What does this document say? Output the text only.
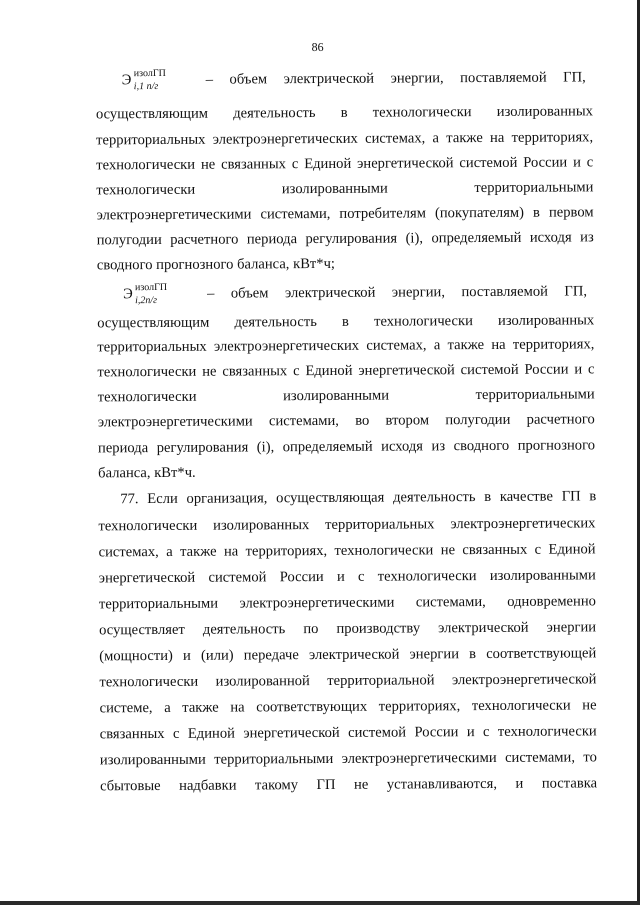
86
Э изолГП
i,1 п/г	– объем электрической энергии, поставляемой ГП,
осуществляющим деятельность в технологически изолированных
территориальных электроэнергетических системах, а также на территориях,
технологически не связанных с Единой энергетической системой России и с
технологически изолированными территориальными
электроэнергетическими системами, потребителям (покупателям) в первом
полугодии расчетного периода регулирования (i), определяемый исходя из
сводного прогнозного баланса, кВт*ч;
Э изолГП
i,2п/г	– объем электрической энергии, поставляемой ГП,
осуществляющим деятельность в технологически изолированных
территориальных электроэнергетических системах, а также на территориях,
технологически не связанных с Единой энергетической системой России и с
технологически изолированными территориальными
электроэнергетическими системами, во втором полугодии расчетного
периода регулирования (i), определяемый исходя из сводного прогнозного
баланса, кВт*ч.
77. Если организация, осуществляющая деятельность в качестве ГП в
технологически изолированных территориальных электроэнергетических
системах, а также на территориях, технологически не связанных с Единой
энергетической системой России и с технологически изолированными
территориальными электроэнергетическими системами, одновременно
осуществляет деятельность по производству электрической энергии
(мощности) и (или) передаче электрической энергии в соответствующей
технологически изолированной территориальной электроэнергетической
системе, а также на соответствующих территориях, технологически не
связанных с Единой энергетической системой России и с технологически
изолированными территориальными электроэнергетическими системами, то
сбытовые надбавки такому ГП не устанавливаются, и поставка
